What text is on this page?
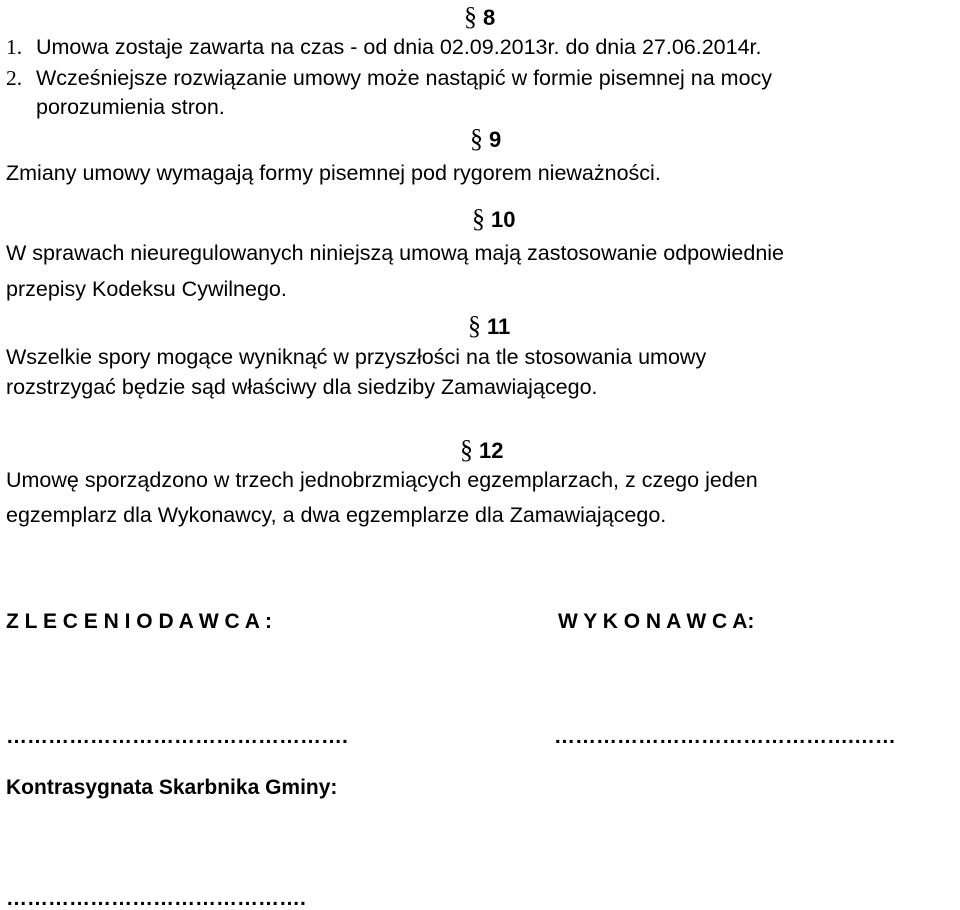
§ 8
1. Umowa zostaje zawarta na czas - od dnia 02.09.2013r. do dnia 27.06.2014r.
2. Wcześniejsze rozwiązanie umowy może nastąpić w formie pisemnej na mocy
porozumienia stron.
§ 9
Zmiany umowy wymagają formy pisemnej pod rygorem nieważności.
§ 10
W sprawach nieuregulowanych niniejszą umową mają zastosowanie odpowiednie
przepisy Kodeksu Cywilnego.
§ 11
Wszelkie spory mogące wyniknąć w przyszłości na tle stosowania umowy
rozstrzygać będzie sąd właściwy dla siedziby Zamawiającego.
§ 12
Umowę sporządzono w trzech jednobrzmiących egzemplarzach, z czego jeden
egzemplarz dla Wykonawcy, a dwa egzemplarze dla Zamawiającego.
Z L E C E N I O D A W C A :	W Y K O N A W C A:
………………………………………….	…………………………………….……
Kontrasygnata Skarbnika Gminy:
…………………………………….
